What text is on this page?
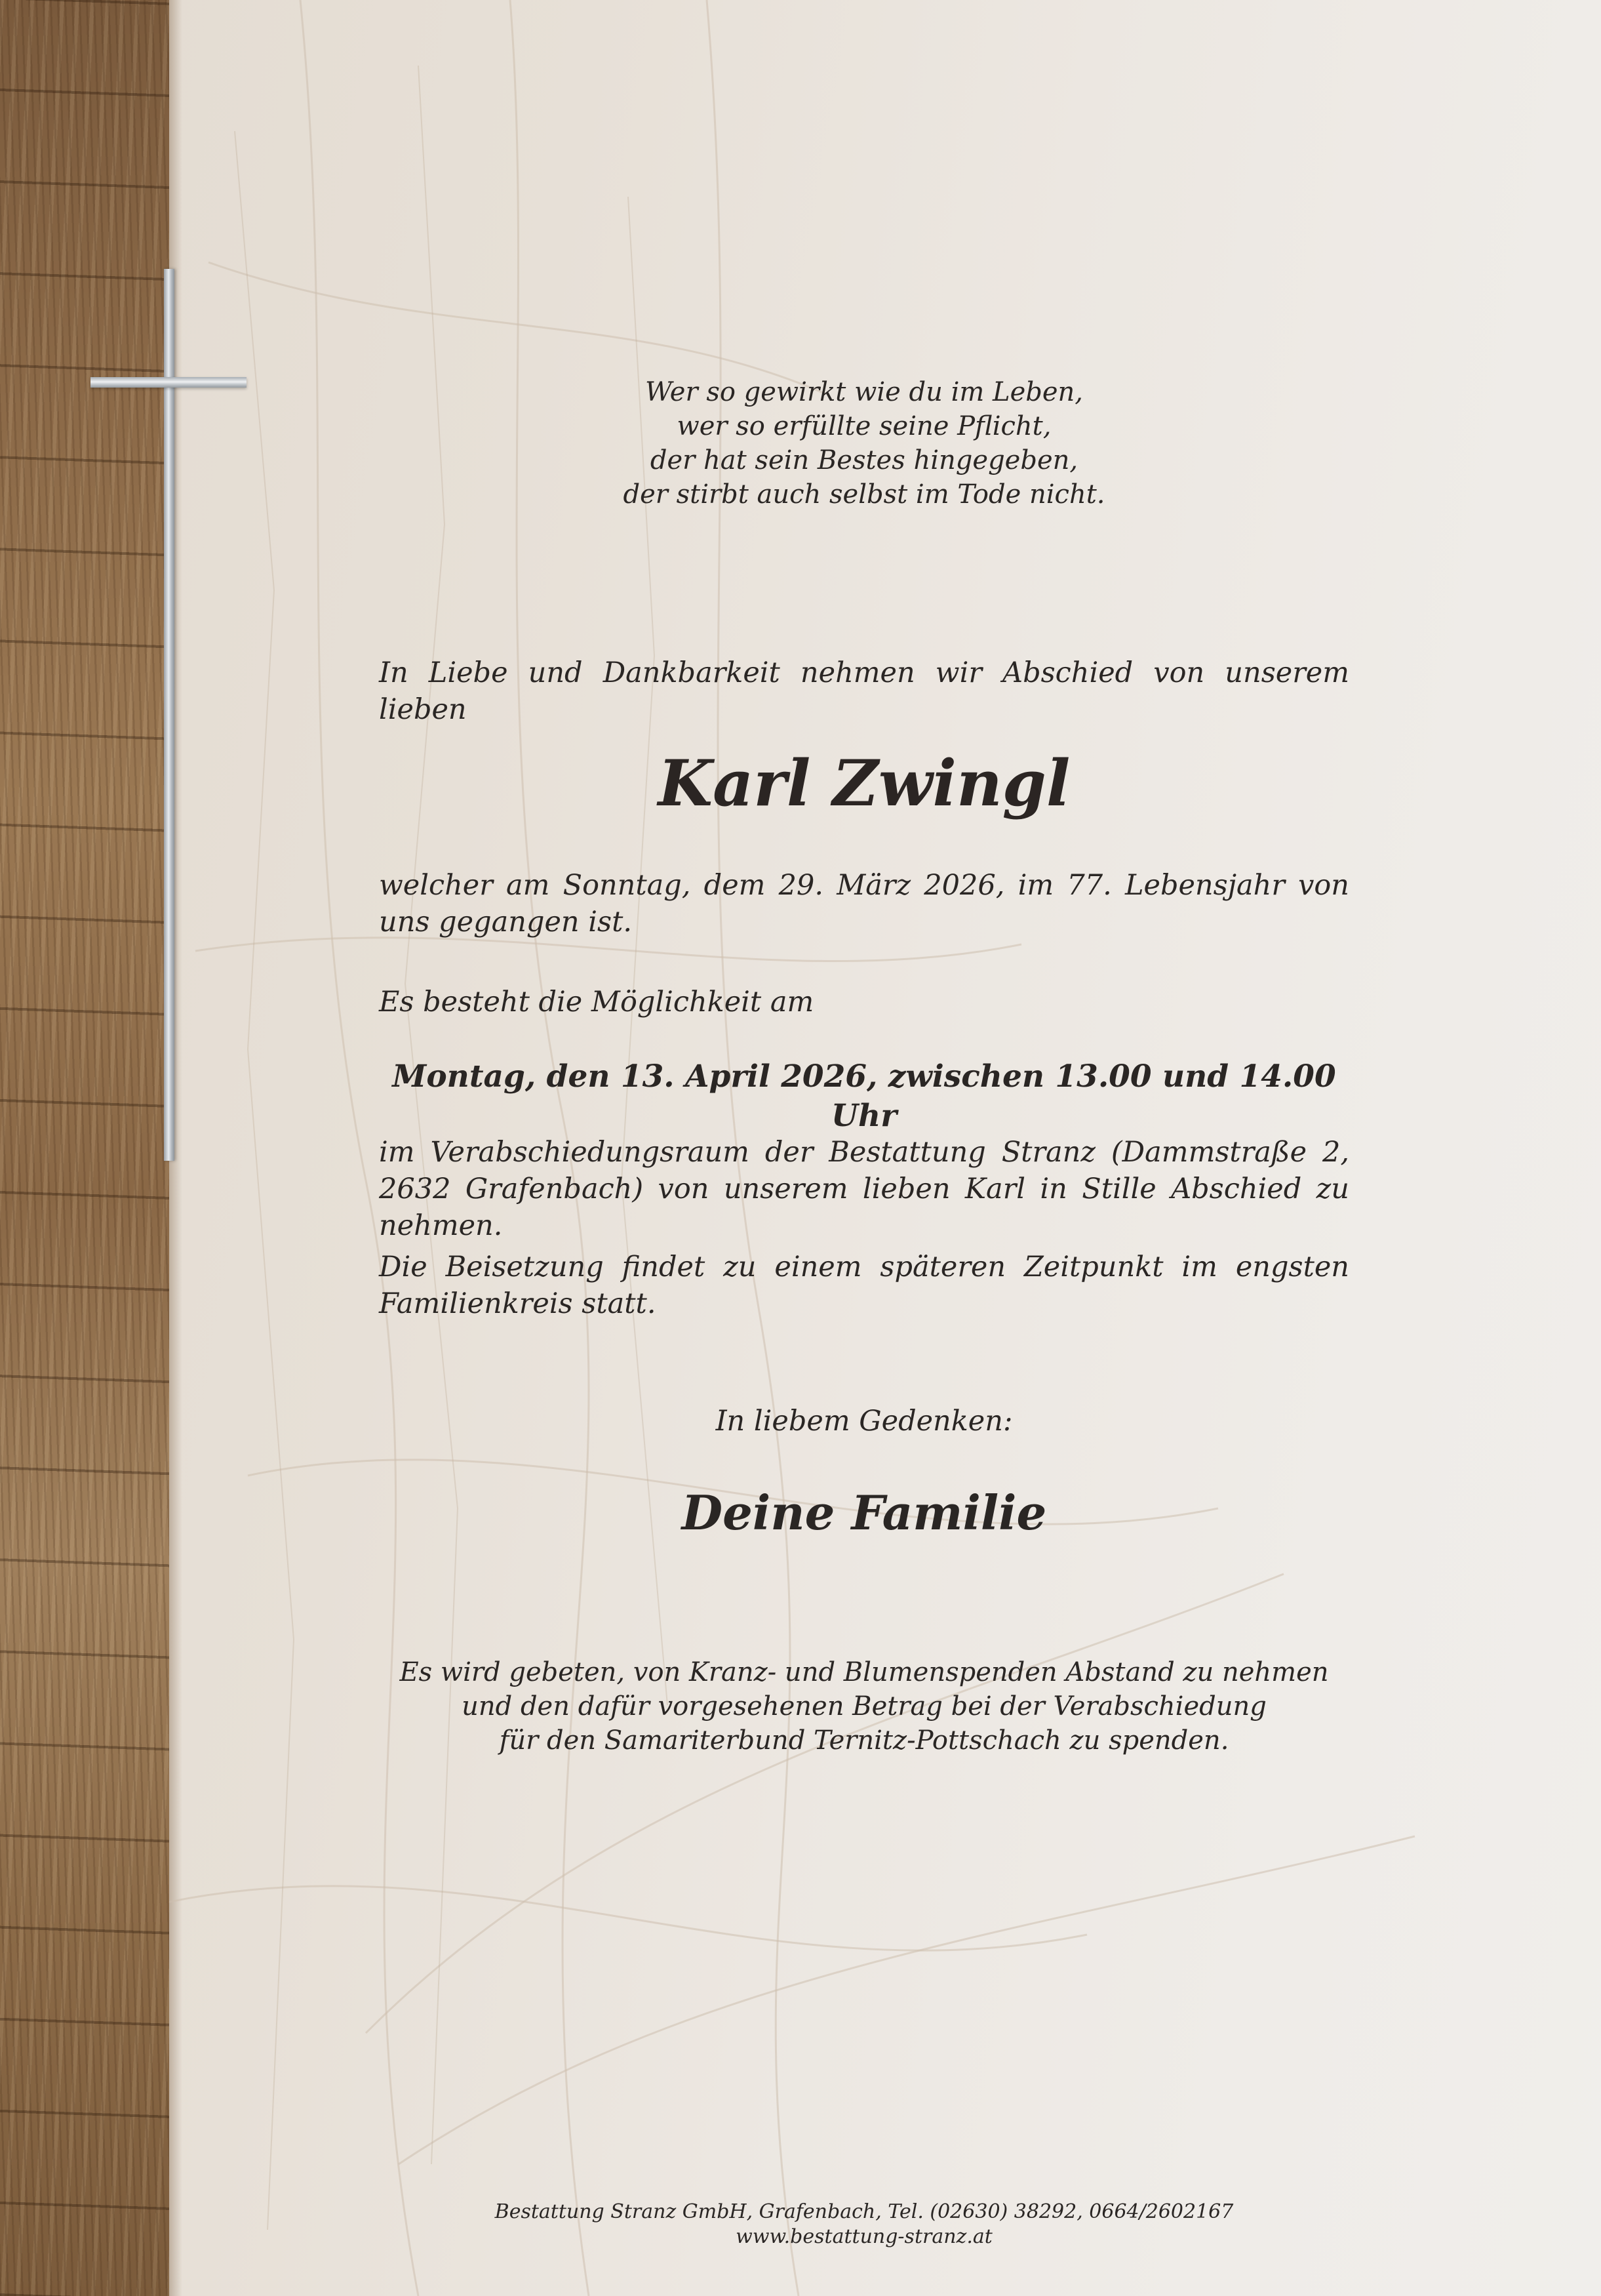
Wer so gewirkt wie du im Leben,
wer so erfüllte seine Pflicht,
der hat sein Bestes hingegeben,
der stirbt auch selbst im Tode nicht.
In Liebe und Dankbarkeit nehmen wir Abschied von unserem lieben
Karl Zwingl
welcher am Sonntag, dem 29. März 2026, im 77. Lebensjahr von uns gegangen ist.
Es besteht die Möglichkeit am
Montag, den 13. April 2026, zwischen 13.00 und 14.00 Uhr
im Verabschiedungsraum der Bestattung Stranz (Dammstraße 2, 2632 Grafenbach) von unserem lieben Karl in Stille Abschied zu nehmen.
Die Beisetzung findet zu einem späteren Zeitpunkt im engsten Familienkreis statt.
In liebem Gedenken:
Deine Familie
Es wird gebeten, von Kranz- und Blumenspenden Abstand zu nehmen
und den dafür vorgesehenen Betrag bei der Verabschiedung
für den Samariterbund Ternitz-Pottschach zu spenden.
Bestattung Stranz GmbH, Grafenbach, Tel. (02630) 38292, 0664/2602167
www.bestattung-stranz.at
